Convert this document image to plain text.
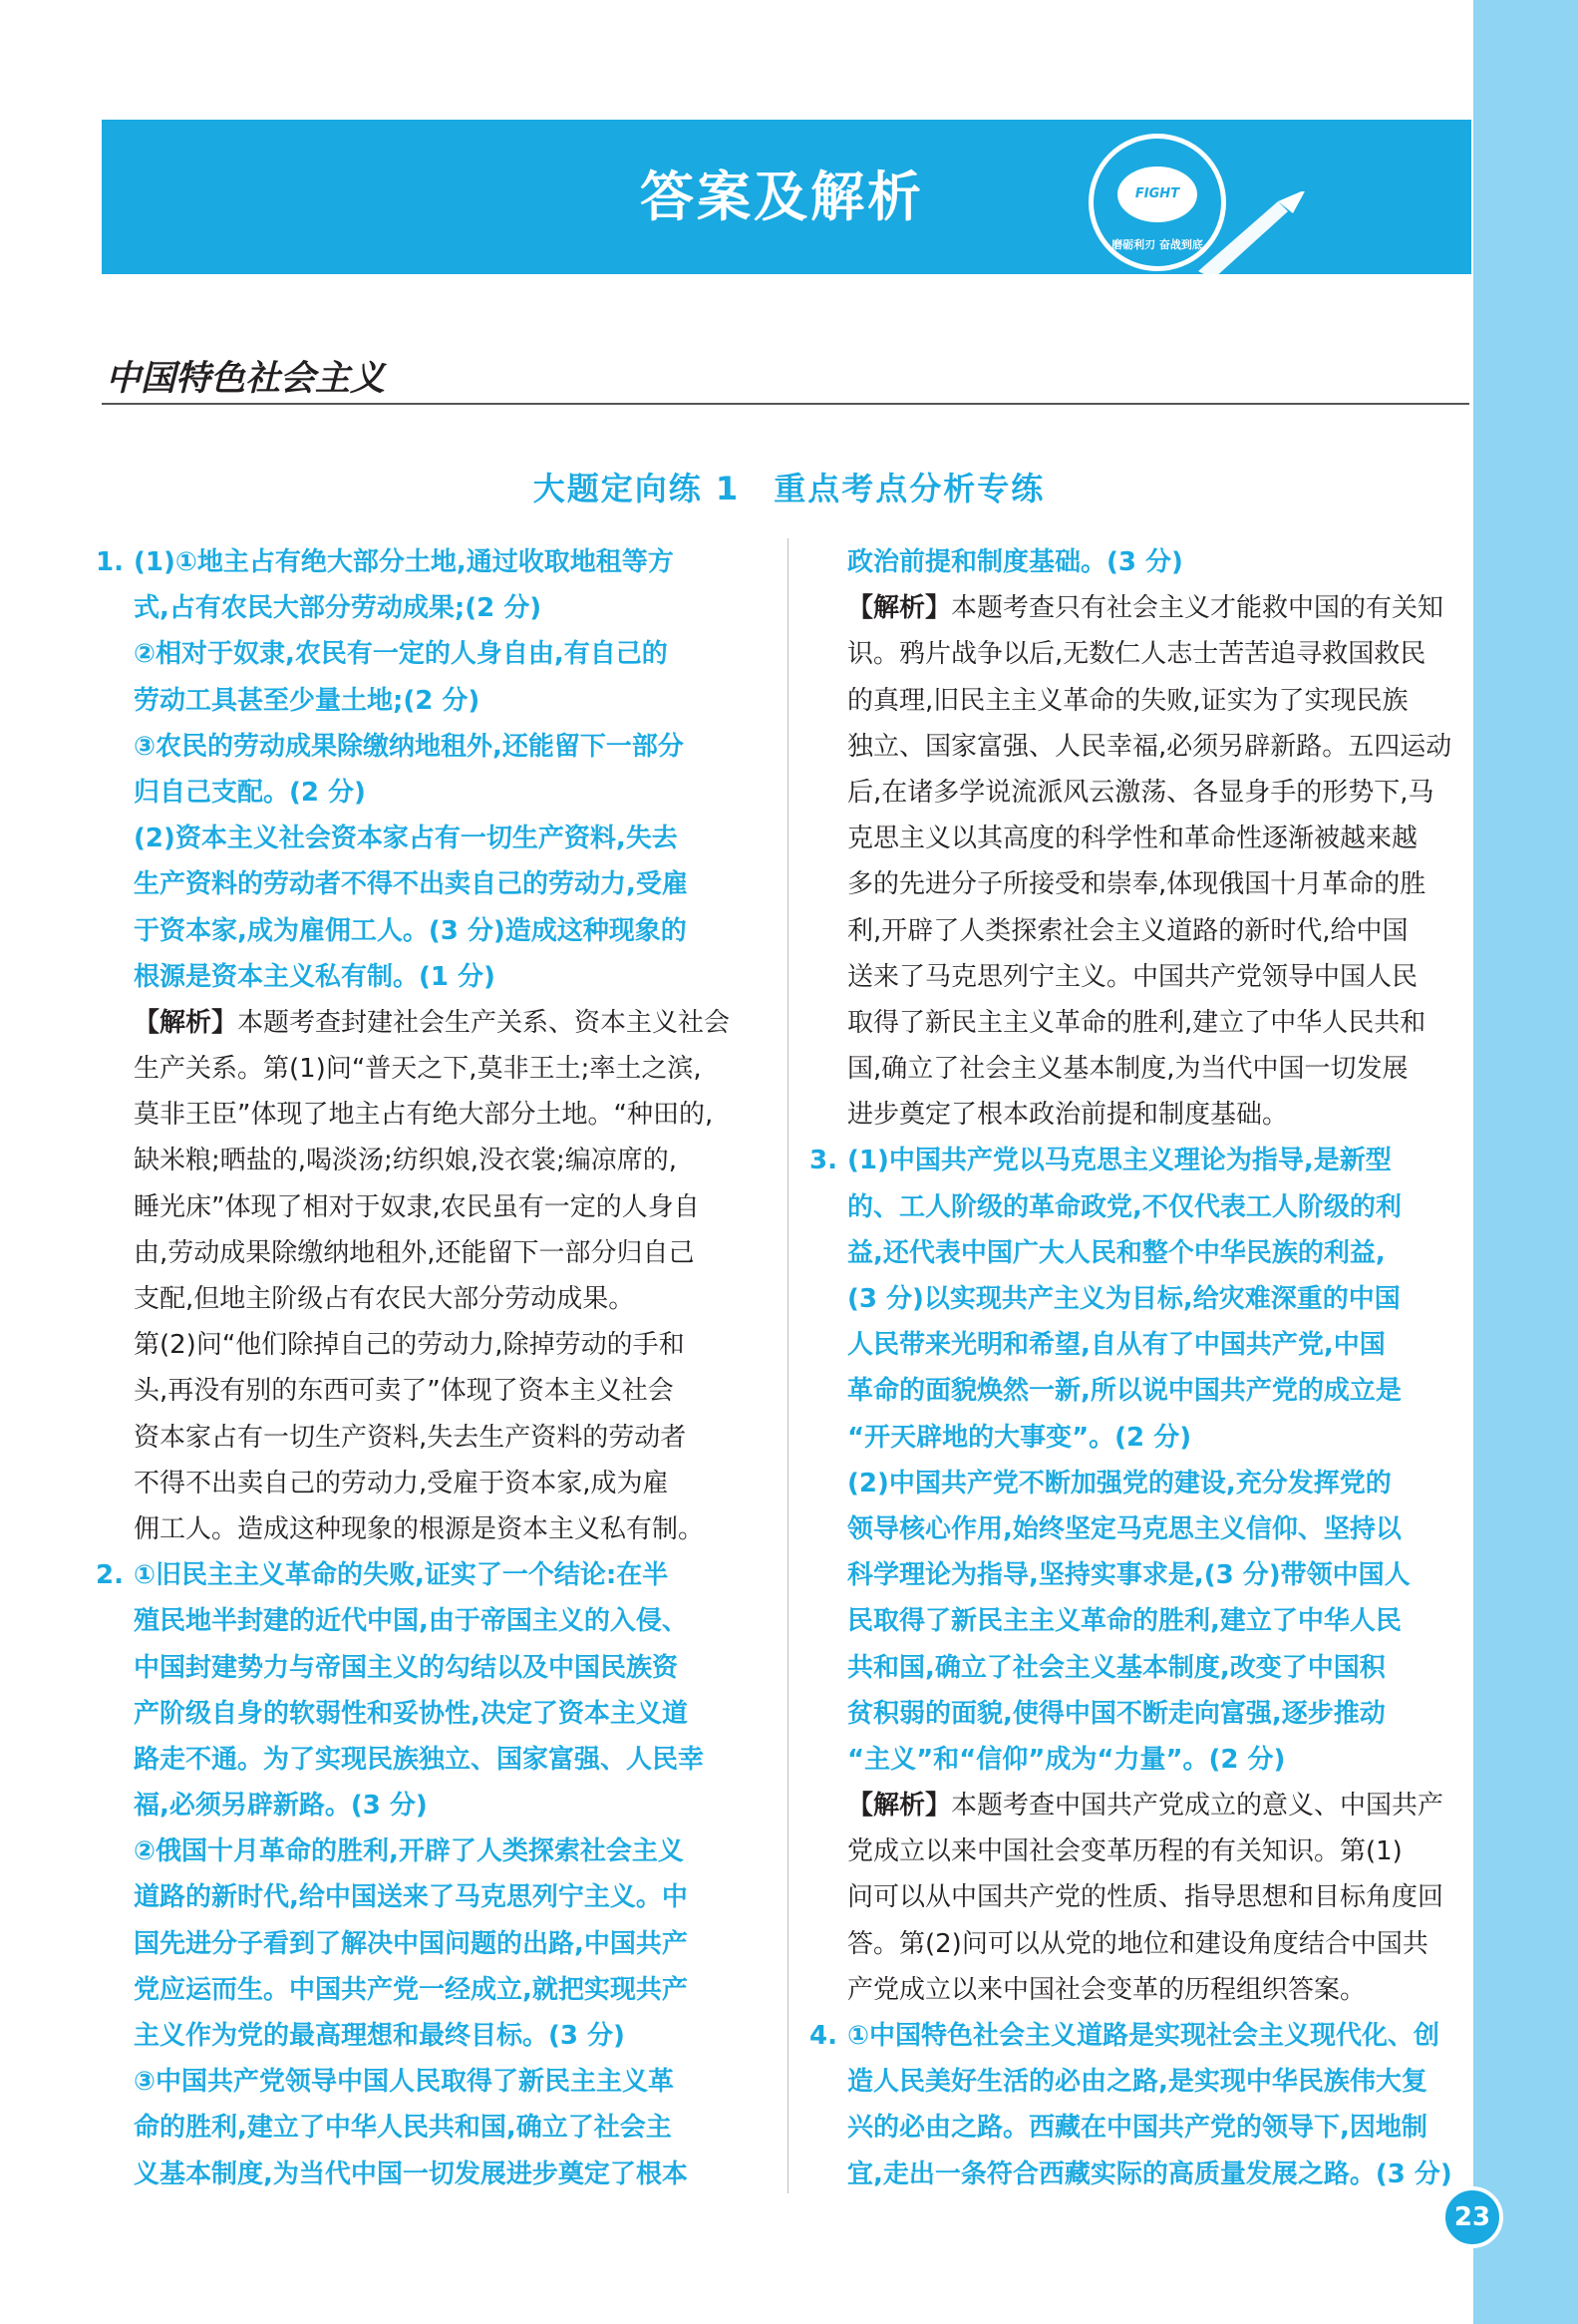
答案及解析	FIGHT
磨砺利刃 奋战到底
中国特色社会主义
大题定向练 1　重点考点分析专练
1. (1)①地主占有绝大部分土地,通过收取地租等方
式,占有农民大部分劳动成果;(2 分)
②相对于奴隶,农民有一定的人身自由,有自己的
劳动工具甚至少量土地;(2 分)
③农民的劳动成果除缴纳地租外,还能留下一部分
归自己支配。(2 分)
(2)资本主义社会资本家占有一切生产资料,失去
生产资料的劳动者不得不出卖自己的劳动力,受雇
于资本家,成为雇佣工人。(3 分)造成这种现象的
根源是资本主义私有制。(1 分)
【解析】本题考查封建社会生产关系、资本主义社会
生产关系。第(1)问“普天之下,莫非王土;率土之滨,
莫非王臣”体现了地主占有绝大部分土地。“种田的,
缺米粮;晒盐的,喝淡汤;纺织娘,没衣裳;编凉席的,
睡光床”体现了相对于奴隶,农民虽有一定的人身自
由,劳动成果除缴纳地租外,还能留下一部分归自己
支配,但地主阶级占有农民大部分劳动成果。
第(2)问“他们除掉自己的劳动力,除掉劳动的手和
头,再没有别的东西可卖了”体现了资本主义社会
资本家占有一切生产资料,失去生产资料的劳动者
不得不出卖自己的劳动力,受雇于资本家,成为雇
佣工人。造成这种现象的根源是资本主义私有制。
2. ①旧民主主义革命的失败,证实了一个结论:在半
殖民地半封建的近代中国,由于帝国主义的入侵、
中国封建势力与帝国主义的勾结以及中国民族资
产阶级自身的软弱性和妥协性,决定了资本主义道
路走不通。为了实现民族独立、国家富强、人民幸
福,必须另辟新路。(3 分)
②俄国十月革命的胜利,开辟了人类探索社会主义
道路的新时代,给中国送来了马克思列宁主义。中
国先进分子看到了解决中国问题的出路,中国共产
党应运而生。中国共产党一经成立,就把实现共产
主义作为党的最高理想和最终目标。(3 分)
③中国共产党领导中国人民取得了新民主主义革
命的胜利,建立了中华人民共和国,确立了社会主
义基本制度,为当代中国一切发展进步奠定了根本
政治前提和制度基础。(3 分)
【解析】本题考查只有社会主义才能救中国的有关知
识。鸦片战争以后,无数仁人志士苦苦追寻救国救民
的真理,旧民主主义革命的失败,证实为了实现民族
独立、国家富强、人民幸福,必须另辟新路。五四运动
后,在诸多学说流派风云激荡、各显身手的形势下,马
克思主义以其高度的科学性和革命性逐渐被越来越
多的先进分子所接受和崇奉,体现俄国十月革命的胜
利,开辟了人类探索社会主义道路的新时代,给中国
送来了马克思列宁主义。中国共产党领导中国人民
取得了新民主主义革命的胜利,建立了中华人民共和
国,确立了社会主义基本制度,为当代中国一切发展
进步奠定了根本政治前提和制度基础。
3. (1)中国共产党以马克思主义理论为指导,是新型
的、工人阶级的革命政党,不仅代表工人阶级的利
益,还代表中国广大人民和整个中华民族的利益,
(3 分)以实现共产主义为目标,给灾难深重的中国
人民带来光明和希望,自从有了中国共产党,中国
革命的面貌焕然一新,所以说中国共产党的成立是
“开天辟地的大事变”。(2 分)
(2)中国共产党不断加强党的建设,充分发挥党的
领导核心作用,始终坚定马克思主义信仰、坚持以
科学理论为指导,坚持实事求是,(3 分)带领中国人
民取得了新民主主义革命的胜利,建立了中华人民
共和国,确立了社会主义基本制度,改变了中国积
贫积弱的面貌,使得中国不断走向富强,逐步推动
“主义”和“信仰”成为“力量”。(2 分)
【解析】本题考查中国共产党成立的意义、中国共产
党成立以来中国社会变革历程的有关知识。第(1)
问可以从中国共产党的性质、指导思想和目标角度回
答。第(2)问可以从党的地位和建设角度结合中国共
产党成立以来中国社会变革的历程组织答案。
4. ①中国特色社会主义道路是实现社会主义现代化、创
造人民美好生活的必由之路,是实现中华民族伟大复
兴的必由之路。西藏在中国共产党的领导下,因地制
宜,走出一条符合西藏实际的高质量发展之路。(3 分)
23
